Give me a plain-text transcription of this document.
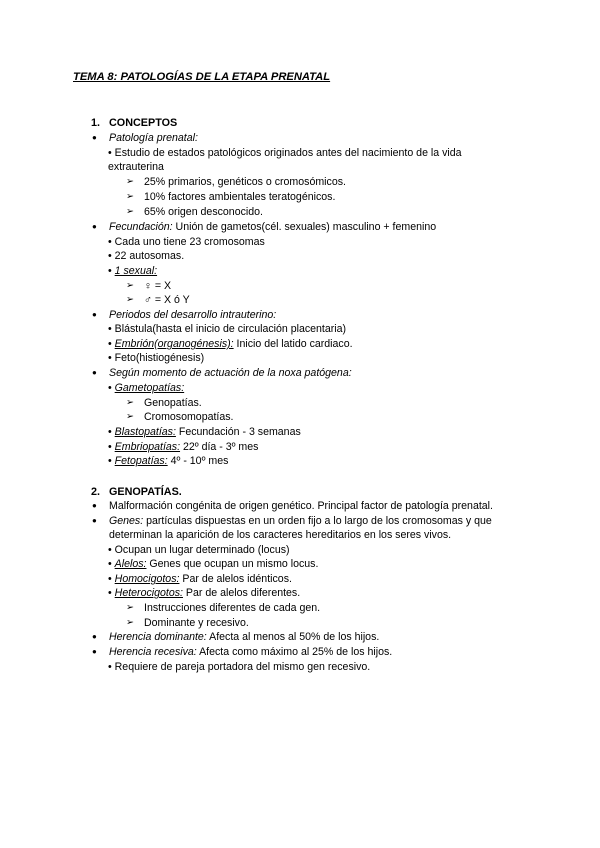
TEMA 8: PATOLOGÍAS DE LA ETAPA PRENATAL
1. CONCEPTOS
● Patología prenatal:
• Estudio de estados patológicos originados antes del nacimiento de la vida
extrauterina
➢ 25% primarios, genéticos o cromosómicos.
➢ 10% factores ambientales teratogénicos.
➢ 65% origen desconocido.
● Fecundación: Unión de gametos(cél. sexuales) masculino + femenino
• Cada uno tiene 23 cromosomas
• 22 autosomas.
• 1 sexual:
➢ ♀ = X
➢ ♂ = X ó Y
● Periodos del desarrollo intrauterino:
• Blástula(hasta el inicio de circulación placentaria)
• Embrión(organogénesis): Inicio del latido cardiaco.
• Feto(histiogénesis)
● Según momento de actuación de la noxa patógena:
• Gametopatías:
➢ Genopatías.
➢ Cromosomopatías.
• Blastopatías: Fecundación - 3 semanas
• Embriopatías: 22º día - 3º mes
• Fetopatías: 4º - 10º mes
2. GENOPATÍAS.
● Malformación congénita de origen genético. Principal factor de patología prenatal.
● Genes: partículas dispuestas en un orden fijo a lo largo de los cromosomas y que
determinan la aparición de los caracteres hereditarios en los seres vivos.
• Ocupan un lugar determinado (locus)
• Alelos: Genes que ocupan un mismo locus.
• Homocigotos: Par de alelos idénticos.
• Heterocigotos: Par de alelos diferentes.
➢ Instrucciones diferentes de cada gen.
➢ Dominante y recesivo.
● Herencia dominante: Afecta al menos al 50% de los hijos.
● Herencia recesiva: Afecta como máximo al 25% de los hijos.
• Requiere de pareja portadora del mismo gen recesivo.
